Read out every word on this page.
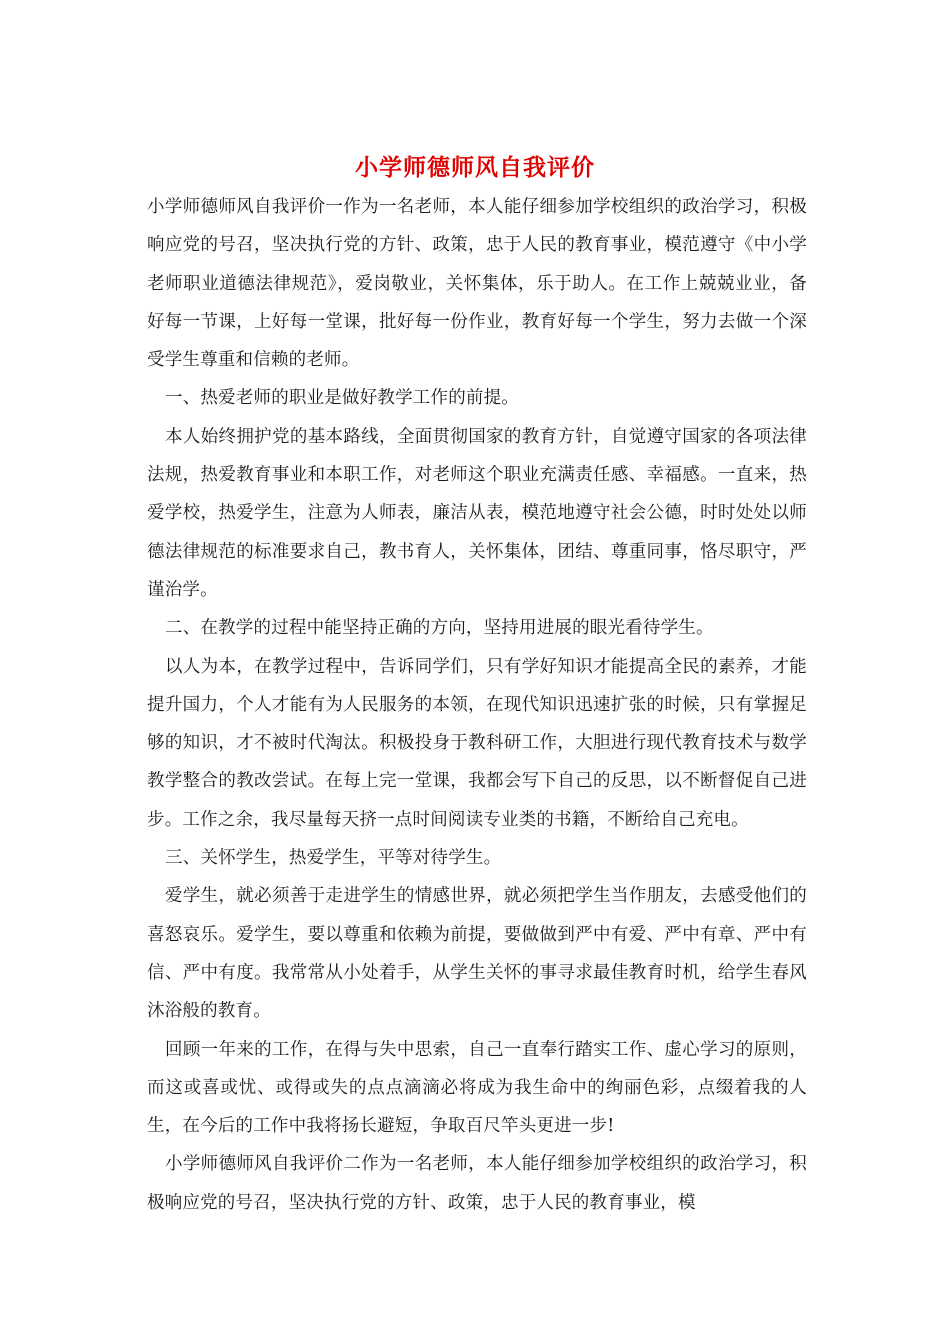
小学师德师风自我评价

小学师德师风自我评价一作为一名老师，本人能仔细参加学校组织的政治学习，积极响应党的号召，坚决执行党的方针、政策，忠于人民的教育事业，模范遵守《中小学老师职业道德法律规范》，爱岗敬业，关怀集体，乐于助人。在工作上兢兢业业，备好每一节课，上好每一堂课，批好每一份作业，教育好每一个学生，努力去做一个深受学生尊重和信赖的老师。

一、热爱老师的职业是做好教学工作的前提。

本人始终拥护党的基本路线，全面贯彻国家的教育方针，自觉遵守国家的各项法律法规，热爱教育事业和本职工作，对老师这个职业充满责任感、幸福感。一直来，热爱学校，热爱学生，注意为人师表，廉洁从表，模范地遵守社会公德，时时处处以师德法律规范的标准要求自己，教书育人，关怀集体，团结、尊重同事，恪尽职守，严谨治学。

二、在教学的过程中能坚持正确的方向，坚持用进展的眼光看待学生。

以人为本，在教学过程中，告诉同学们，只有学好知识才能提高全民的素养，才能提升国力，个人才能有为人民服务的本领，在现代知识迅速扩张的时候，只有掌握足够的知识，才不被时代淘汰。积极投身于教科研工作，大胆进行现代教育技术与数学教学整合的教改尝试。在每上完一堂课，我都会写下自己的反思，以不断督促自己进步。工作之余，我尽量每天挤一点时间阅读专业类的书籍，不断给自己充电。

三、关怀学生，热爱学生，平等对待学生。

爱学生，就必须善于走进学生的情感世界，就必须把学生当作朋友，去感受他们的喜怒哀乐。爱学生，要以尊重和依赖为前提，要做做到严中有爱、严中有章、严中有信、严中有度。我常常从小处着手，从学生关怀的事寻求最佳教育时机，给学生春风沐浴般的教育。

回顾一年来的工作，在得与失中思索，自己一直奉行踏实工作、虚心学习的原则，而这或喜或忧、或得或失的点点滴滴必将成为我生命中的绚丽色彩，点缀着我的人生，在今后的工作中我将扬长避短，争取百尺竿头更进一步!

小学师德师风自我评价二作为一名老师，本人能仔细参加学校组织的政治学习，积极响应党的号召，坚决执行党的方针、政策，忠于人民的教育事业，模
